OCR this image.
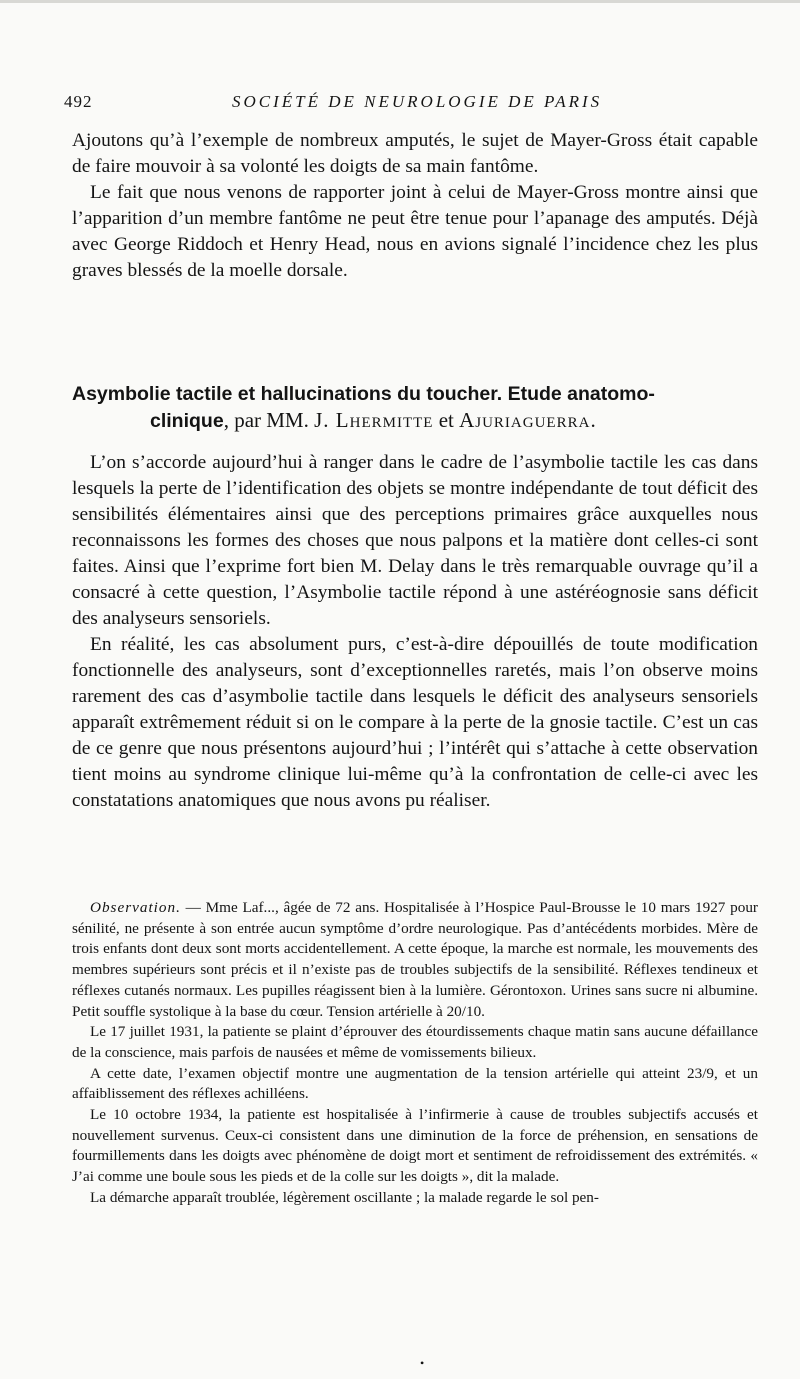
492	SOCIÉTÉ DE NEUROLOGIE DE PARIS

Ajoutons qu’à l’exemple de nombreux amputés, le sujet de Mayer-Gross était capable de faire mouvoir à sa volonté les doigts de sa main fantôme.

Le fait que nous venons de rapporter joint à celui de Mayer-Gross montre ainsi que l’apparition d’un membre fantôme ne peut être tenue pour l’apanage des amputés. Déjà avec George Riddoch et Henry Head, nous en avions signalé l’incidence chez les plus graves blessés de la moelle dorsale.

Asymbolie tactile et hallucinations du toucher. Etude anatomo-
clinique, par MM. J. Lhermitte et Ajuriaguerra.

L’on s’accorde aujourd’hui à ranger dans le cadre de l’asymbolie tactile les cas dans lesquels la perte de l’identification des objets se montre indépendante de tout déficit des sensibilités élémentaires ainsi que des perceptions primaires grâce auxquelles nous reconnaissons les formes des choses que nous palpons et la matière dont celles-ci sont faites. Ainsi que l’exprime fort bien M. Delay dans le très remarquable ouvrage qu’il a consacré à cette question, l’Asymbolie tactile répond à une astéréognosie sans déficit des analyseurs sensoriels.

En réalité, les cas absolument purs, c’est-à-dire dépouillés de toute modification fonctionnelle des analyseurs, sont d’exceptionnelles raretés, mais l’on observe moins rarement des cas d’asymbolie tactile dans lesquels le déficit des analyseurs sensoriels apparaît extrêmement réduit si on le compare à la perte de la gnosie tactile. C’est un cas de ce genre que nous présentons aujourd’hui ; l’intérêt qui s’attache à cette observation tient moins au syndrome clinique lui-même qu’à la confrontation de celle-ci avec les constatations anatomiques que nous avons pu réaliser.

Observation. — Mme Laf..., âgée de 72 ans. Hospitalisée à l’Hospice Paul-Brousse le 10 mars 1927 pour sénilité, ne présente à son entrée aucun symptôme d’ordre neurologique. Pas d’antécédents morbides. Mère de trois enfants dont deux sont morts accidentellement. A cette époque, la marche est normale, les mouvements des membres supérieurs sont précis et il n’existe pas de troubles subjectifs de la sensibilité. Réflexes tendineux et réflexes cutanés normaux. Les pupilles réagissent bien à la lumière. Gérontoxon. Urines sans sucre ni albumine. Petit souffle systolique à la base du cœur. Tension artérielle à 20/10.

Le 17 juillet 1931, la patiente se plaint d’éprouver des étourdissements chaque matin sans aucune défaillance de la conscience, mais parfois de nausées et même de vomissements bilieux.

A cette date, l’examen objectif montre une augmentation de la tension artérielle qui atteint 23/9, et un affaiblissement des réflexes achilléens.

Le 10 octobre 1934, la patiente est hospitalisée à l’infirmerie à cause de troubles subjectifs accusés et nouvellement survenus. Ceux-ci consistent dans une diminution de la force de préhension, en sensations de fourmillements dans les doigts avec phénomène de doigt mort et sentiment de refroidissement des extrémités. « J’ai comme une boule sous les pieds et de la colle sur les doigts », dit la malade.

La démarche apparaît troublée, légèrement oscillante ; la malade regarde le sol pen-

•
